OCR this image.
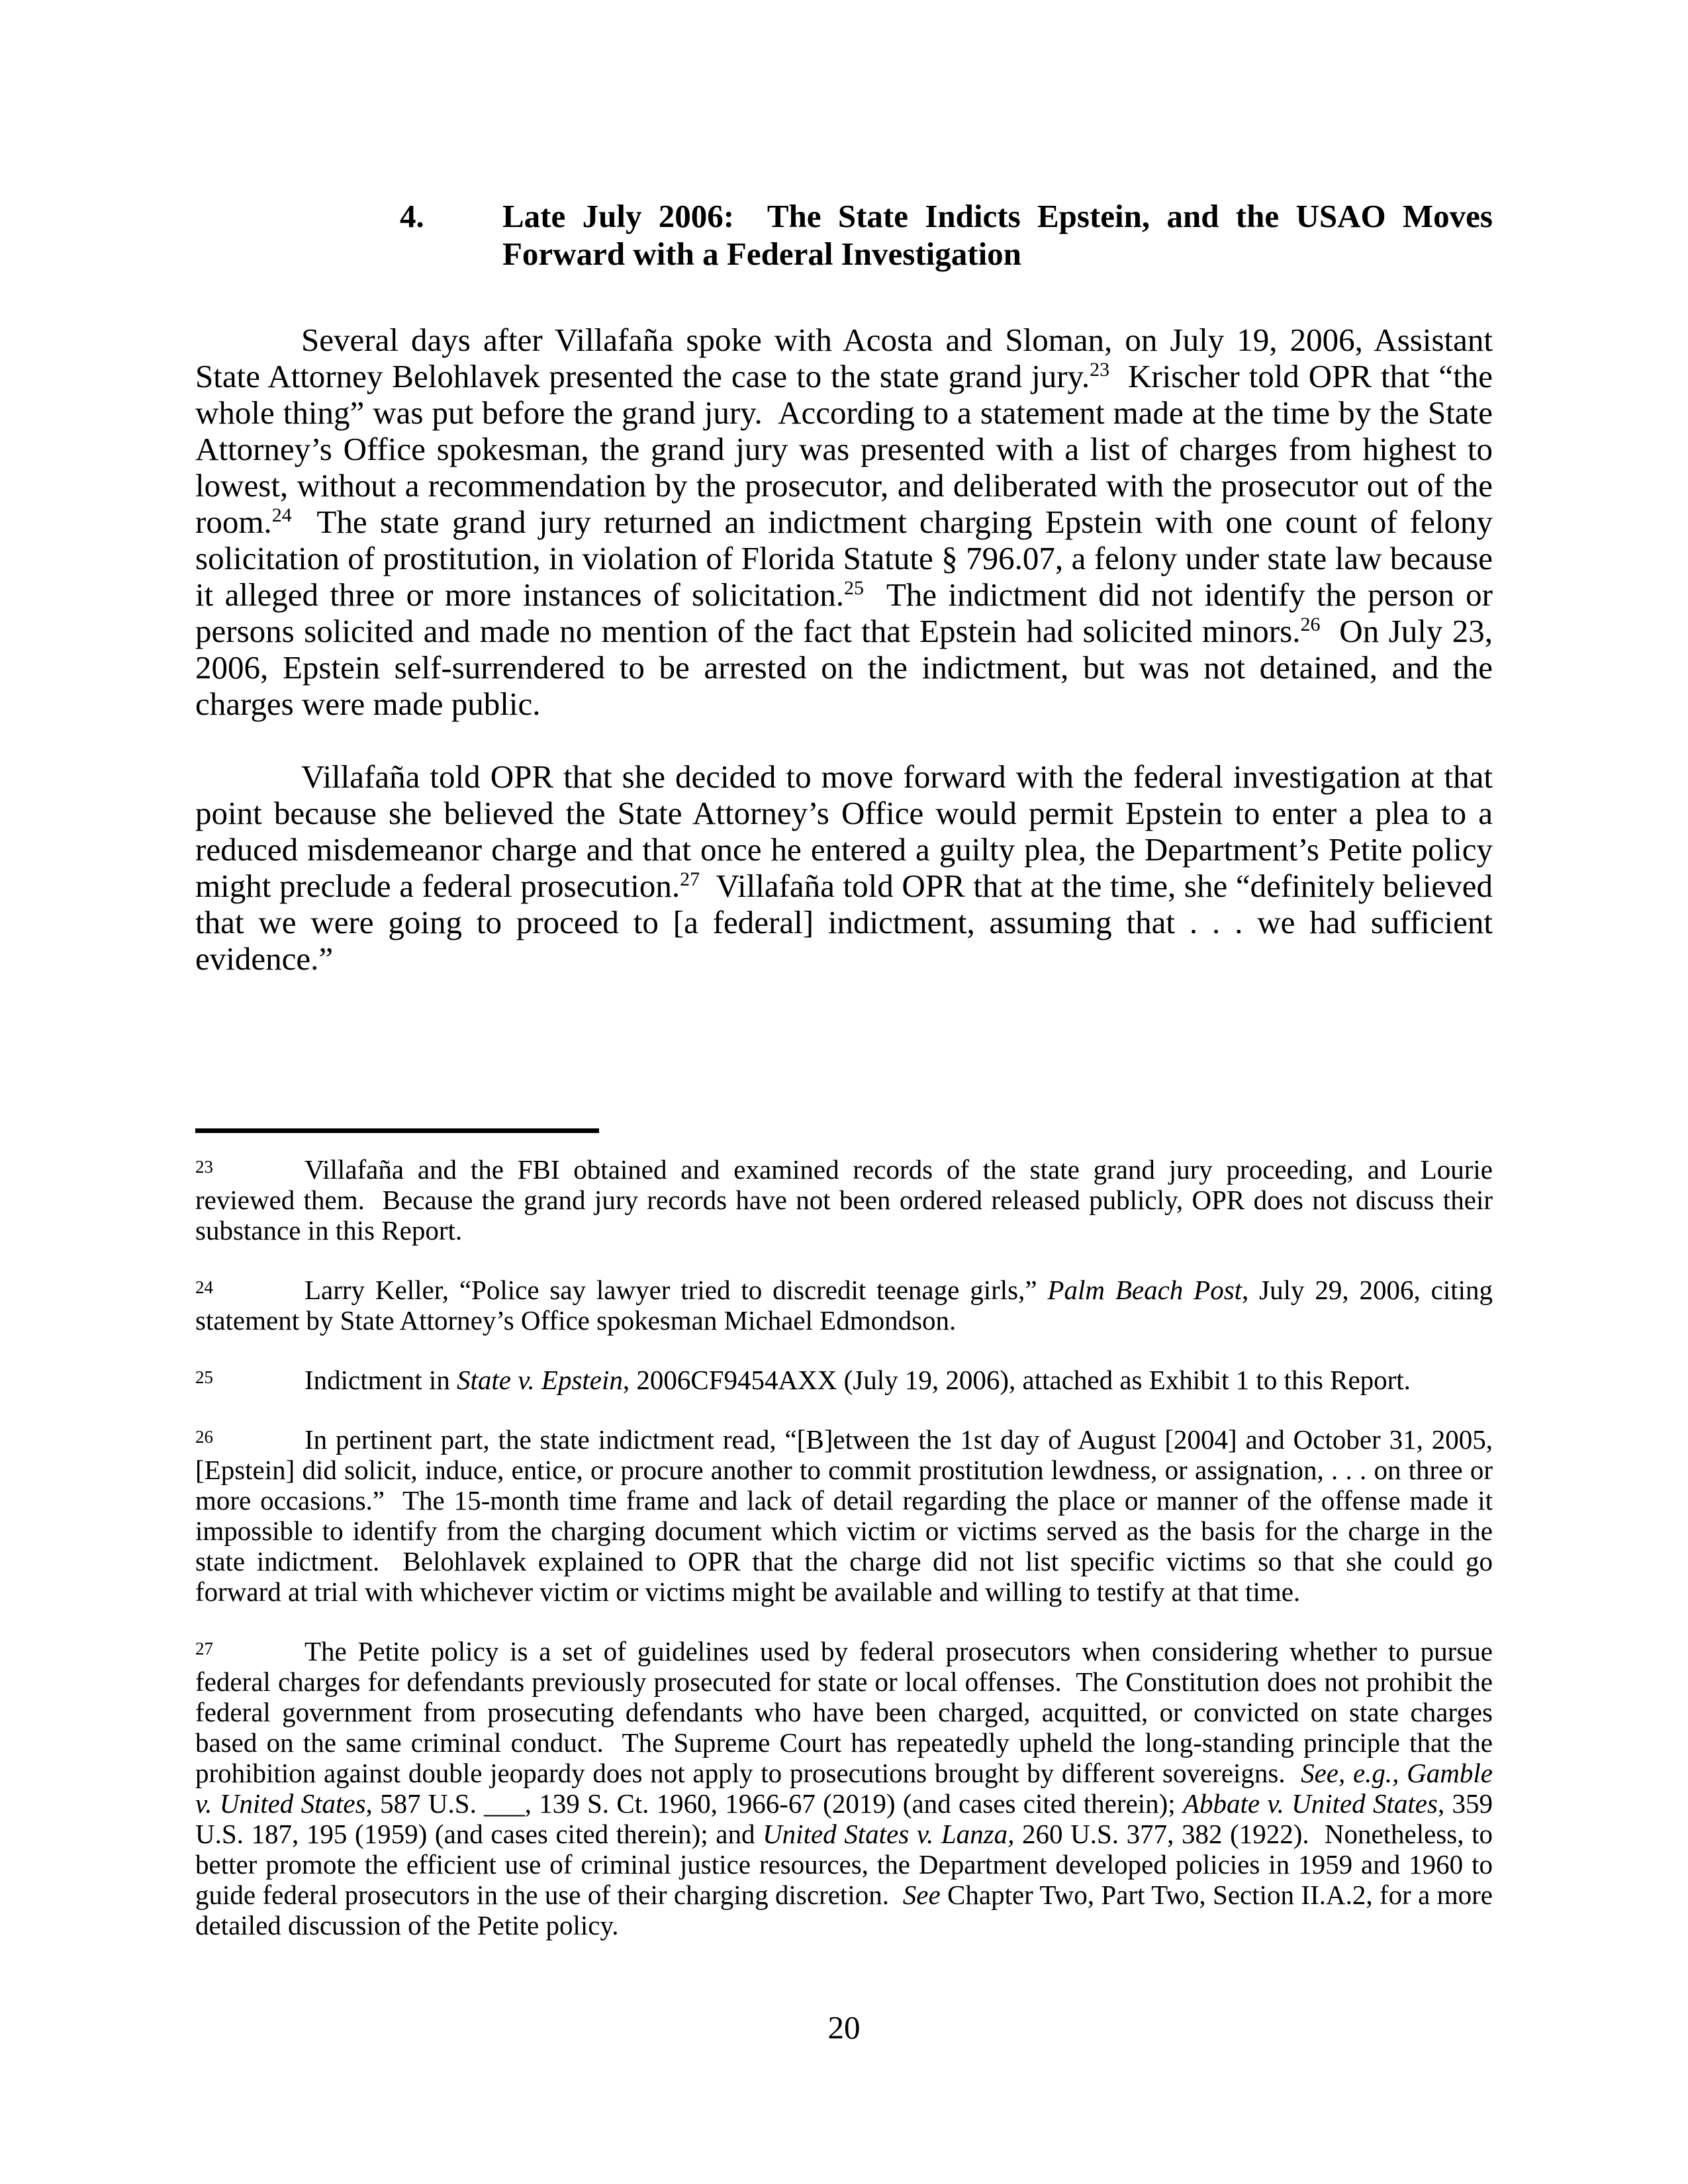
4.	Late July 2006:  The State Indicts Epstein, and the USAO Moves Forward with a Federal Investigation

Several days after Villafaña spoke with Acosta and Sloman, on July 19, 2006, Assistant State Attorney Belohlavek presented the case to the state grand jury.$^{23}$  Krischer told OPR that “the whole thing” was put before the grand jury.  According to a statement made at the time by the State Attorney’s Office spokesman, the grand jury was presented with a list of charges from highest to lowest, without a recommendation by the prosecutor, and deliberated with the prosecutor out of the room.$^{24}$  The state grand jury returned an indictment charging Epstein with one count of felony solicitation of prostitution, in violation of Florida Statute § 796.07, a felony under state law because it alleged three or more instances of solicitation.$^{25}$  The indictment did not identify the person or persons solicited and made no mention of the fact that Epstein had solicited minors.$^{26}$  On July 23, 2006, Epstein self-surrendered to be arrested on the indictment, but was not detained, and the charges were made public.

Villafaña told OPR that she decided to move forward with the federal investigation at that point because she believed the State Attorney’s Office would permit Epstein to enter a plea to a reduced misdemeanor charge and that once he entered a guilty plea, the Department’s Petite policy might preclude a federal prosecution.$^{27}$  Villafaña told OPR that at the time, she “definitely believed that we were going to proceed to [a federal] indictment, assuming that . . . we had sufficient evidence.”

23	Villafaña and the FBI obtained and examined records of the state grand jury proceeding, and Lourie reviewed them.  Because the grand jury records have not been ordered released publicly, OPR does not discuss their substance in this Report.
24	Larry Keller, “Police say lawyer tried to discredit teenage girls,” Palm Beach Post, July 29, 2006, citing statement by State Attorney’s Office spokesman Michael Edmondson.
25	Indictment in State v. Epstein, 2006CF9454AXX (July 19, 2006), attached as Exhibit 1 to this Report.
26	In pertinent part, the state indictment read, “[B]etween the 1st day of August [2004] and October 31, 2005, [Epstein] did solicit, induce, entice, or procure another to commit prostitution lewdness, or assignation, . . . on three or more occasions.”  The 15-month time frame and lack of detail regarding the place or manner of the offense made it impossible to identify from the charging document which victim or victims served as the basis for the charge in the state indictment.  Belohlavek explained to OPR that the charge did not list specific victims so that she could go forward at trial with whichever victim or victims might be available and willing to testify at that time.
27	The Petite policy is a set of guidelines used by federal prosecutors when considering whether to pursue federal charges for defendants previously prosecuted for state or local offenses.  The Constitution does not prohibit the federal government from prosecuting defendants who have been charged, acquitted, or convicted on state charges based on the same criminal conduct.  The Supreme Court has repeatedly upheld the long-standing principle that the prohibition against double jeopardy does not apply to prosecutions brought by different sovereigns.  See, e.g., Gamble v. United States, 587 U.S. ___, 139 S. Ct. 1960, 1966-67 (2019) (and cases cited therein); Abbate v. United States, 359 U.S. 187, 195 (1959) (and cases cited therein); and United States v. Lanza, 260 U.S. 377, 382 (1922).  Nonetheless, to better promote the efficient use of criminal justice resources, the Department developed policies in 1959 and 1960 to guide federal prosecutors in the use of their charging discretion.  See Chapter Two, Part Two, Section II.A.2, for a more detailed discussion of the Petite policy.
20
